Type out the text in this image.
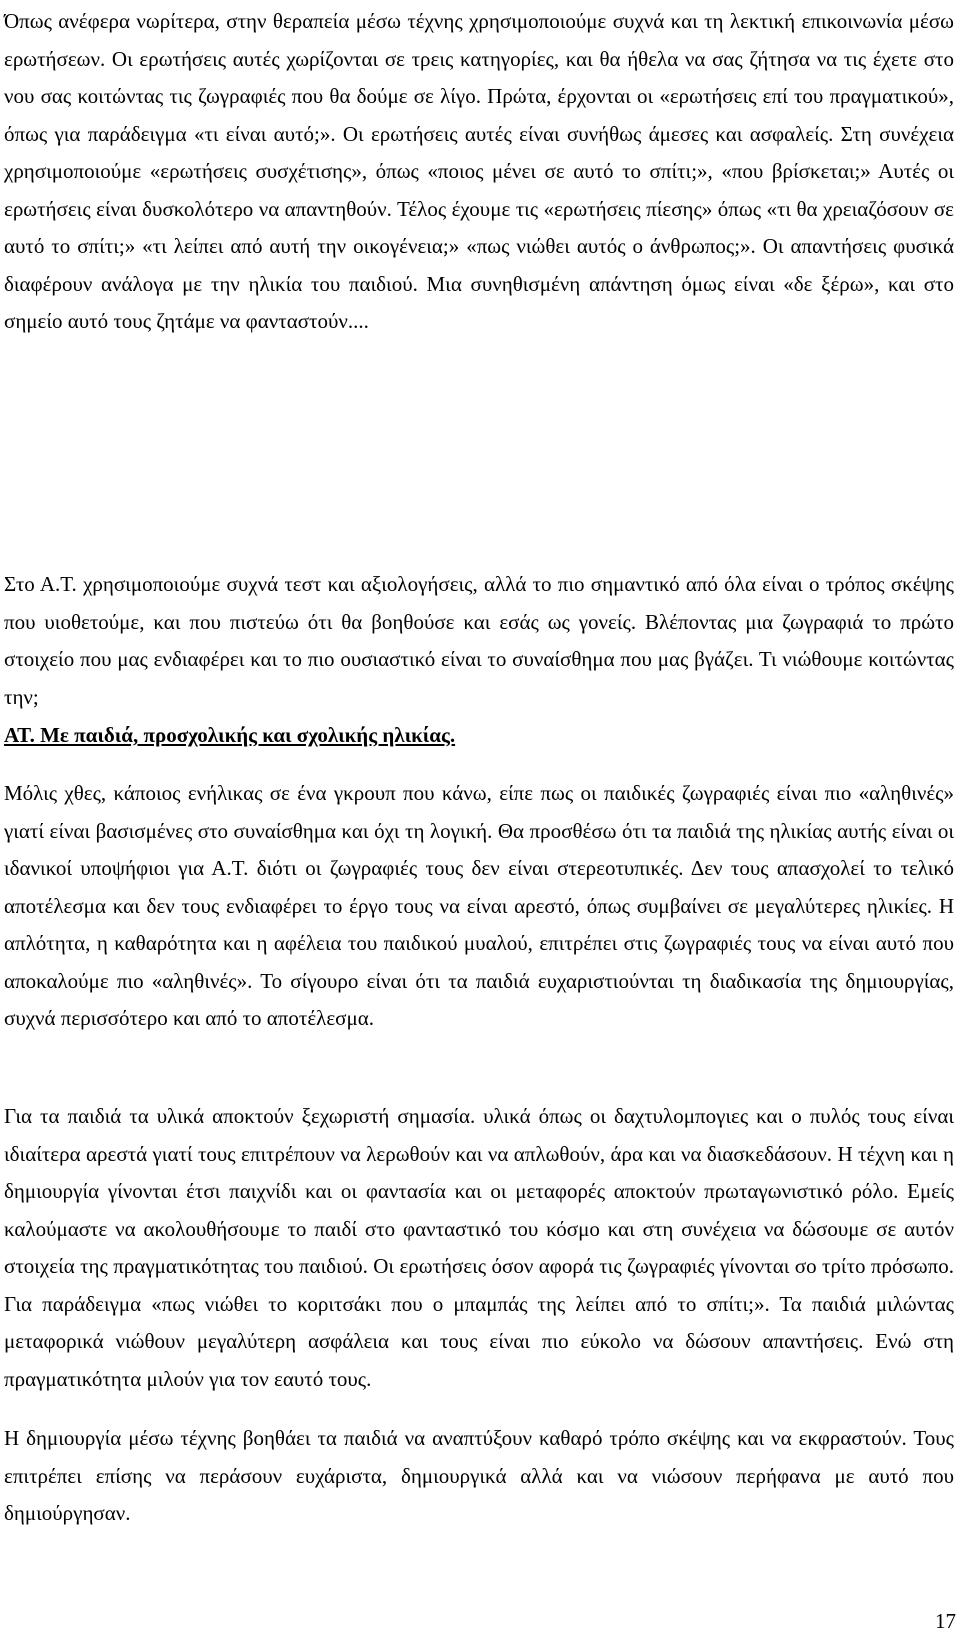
Όπως ανέφερα νωρίτερα, στην θεραπεία μέσω τέχνης χρησιμοποιούμε συχνά και τη λεκτική επικοινωνία μέσω ερωτήσεων. Οι ερωτήσεις αυτές χωρίζονται σε τρεις κατηγορίες, και θα ήθελα να σας ζήτησα να τις έχετε στο νου σας κοιτώντας τις ζωγραφιές που θα δούμε σε λίγο. Πρώτα, έρχονται οι «ερωτήσεις επί του πραγματικού», όπως για παράδειγμα «τι είναι αυτό;». Οι ερωτήσεις αυτές είναι συνήθως άμεσες και ασφαλείς. Στη συνέχεια χρησιμοποιούμε «ερωτήσεις συσχέτισης», όπως «ποιος μένει σε αυτό το σπίτι;», «που βρίσκεται;» Αυτές οι ερωτήσεις είναι δυσκολότερο να απαντηθούν. Τέλος έχουμε τις «ερωτήσεις πίεσης» όπως «τι θα χρειαζόσουν σε αυτό το σπίτι;» «τι λείπει από αυτή την οικογένεια;» «πως νιώθει αυτός ο άνθρωπος;». Οι απαντήσεις φυσικά διαφέρουν ανάλογα με την ηλικία του παιδιού. Μια συνηθισμένη απάντηση όμως είναι «δε ξέρω», και στο σημείο αυτό τους ζητάμε να φανταστούν....

Στο Α.Τ. χρησιμοποιούμε συχνά τεστ και αξιολογήσεις, αλλά το πιο σημαντικό από όλα είναι ο τρόπος σκέψης που υιοθετούμε, και που πιστεύω ότι θα βοηθούσε και εσάς ως γονείς. Βλέποντας μια ζωγραφιά το πρώτο στοιχείο που μας ενδιαφέρει και το πιο ουσιαστικό είναι το συναίσθημα που μας βγάζει. Τι νιώθουμε κοιτώντας την;

ΑΤ. Με παιδιά, προσχολικής και σχολικής ηλικίας.

Μόλις χθες, κάποιος ενήλικας σε ένα γκρουπ που κάνω, είπε πως οι παιδικές ζωγραφιές είναι πιο «αληθινές» γιατί είναι βασισμένες στο συναίσθημα και όχι τη λογική. Θα προσθέσω ότι τα παιδιά της ηλικίας αυτής είναι οι ιδανικοί υποψήφιοι για Α.Τ. διότι οι ζωγραφιές τους δεν είναι στερεοτυπικές. Δεν τους απασχολεί το τελικό αποτέλεσμα και δεν τους ενδιαφέρει το έργο τους να είναι αρεστό, όπως συμβαίνει σε μεγαλύτερες ηλικίες. Η απλότητα, η καθαρότητα και η αφέλεια του παιδικού μυαλού, επιτρέπει στις ζωγραφιές τους να είναι αυτό που αποκαλούμε πιο «αληθινές». Το σίγουρο είναι ότι τα παιδιά ευχαριστιούνται τη διαδικασία της δημιουργίας, συχνά περισσότερο και από το αποτέλεσμα.

Για τα παιδιά τα υλικά αποκτούν ξεχωριστή σημασία. υλικά όπως οι δαχτυλομπογιες και ο πυλός τους είναι ιδιαίτερα αρεστά γιατί τους επιτρέπουν να λερωθούν και να απλωθούν, άρα και να διασκεδάσουν. Η τέχνη και η δημιουργία γίνονται έτσι παιχνίδι και οι φαντασία και οι μεταφορές αποκτούν πρωταγωνιστικό ρόλο. Εμείς καλούμαστε να ακολουθήσουμε το παιδί στο φανταστικό του κόσμο και στη συνέχεια να δώσουμε σε αυτόν στοιχεία της πραγματικότητας του παιδιού. Οι ερωτήσεις όσον αφορά τις ζωγραφιές γίνονται σο τρίτο πρόσωπο. Για παράδειγμα «πως νιώθει το κοριτσάκι που ο μπαμπάς της λείπει από το σπίτι;». Τα παιδιά μιλώντας μεταφορικά νιώθουν μεγαλύτερη ασφάλεια και τους είναι πιο εύκολο να δώσουν απαντήσεις. Ενώ στη πραγματικότητα μιλούν για τον εαυτό τους.

Η δημιουργία μέσω τέχνης βοηθάει τα παιδιά να αναπτύξουν καθαρό τρόπο σκέψης και να εκφραστούν. Τους επιτρέπει επίσης να περάσουν ευχάριστα, δημιουργικά αλλά και να νιώσουν περήφανα με αυτό που δημιούργησαν.

17
